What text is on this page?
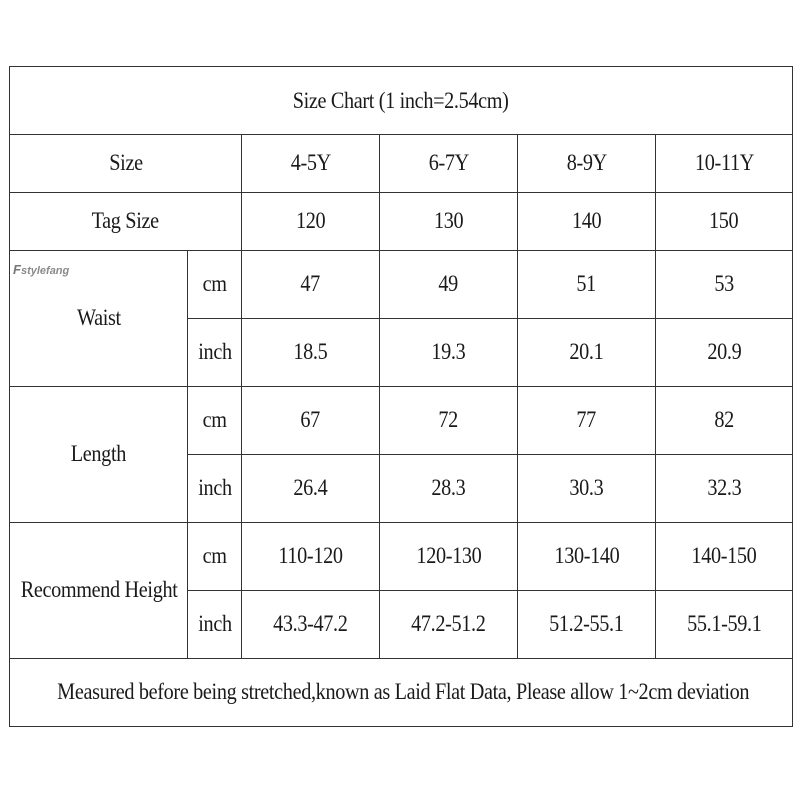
Size Chart (1 inch=2.54cm)					
Size		4-5Y	6-7Y	8-9Y	10-11Y
Tag Size		120	130	140	150
Waist	cm	47	49	51	53
	inch	18.5	19.3	20.1	20.9
Length	cm	67	72	77	82
	inch	26.4	28.3	30.3	32.3
Recommend Height	cm	110-120	120-130	130-140	140-150
	inch	43.3-47.2	47.2-51.2	51.2-55.1	55.1-59.1
Measured before being stretched,known as Laid Flat Data, Please allow 1~2cm deviation					
Fstylefang
